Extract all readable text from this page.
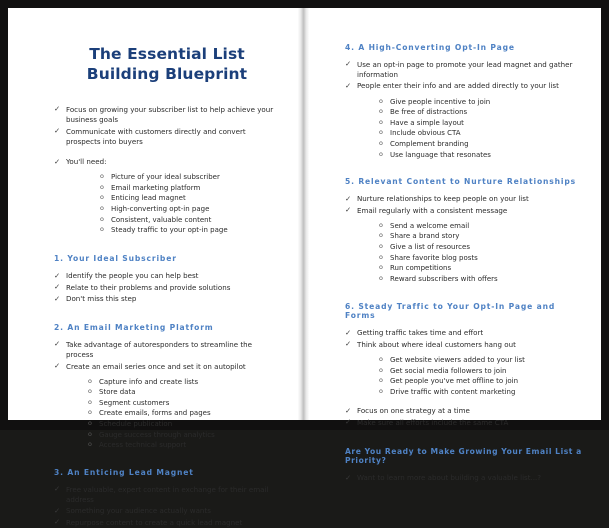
The Essential List Building Blueprint
✓ Focus on growing your subscriber list to help achieve your business goals
✓ Communicate with customers directly and convert prospects into buyers
✓ You'll need:
o Picture of your ideal subscriber
o Email marketing platform
o Enticing lead magnet
o High-converting opt-in page
o Consistent, valuable content
o Steady traffic to your opt-in page
1. Your Ideal Subscriber
✓ Identify the people you can help best
✓ Relate to their problems and provide solutions
✓ Don't miss this step
2. An Email Marketing Platform
✓ Take advantage of autoresponders to streamline the process
✓ Create an email series once and set it on autopilot
o Capture info and create lists
o Store data
o Segment customers
o Create emails, forms and pages
o Schedule publication
o Gauge success through analytics
o Access technical support
3. An Enticing Lead Magnet
✓ Free valuable, expert content in exchange for their email address
✓ Something your audience actually wants
✓ Repurpose content to create a quick lead magnet
4. A High-Converting Opt-In Page
✓ Use an opt-in page to promote your lead magnet and gather information
✓ People enter their info and are added directly to your list
o Give people incentive to join
o Be free of distractions
o Have a simple layout
o Include obvious CTA
o Complement branding
o Use language that resonates
5. Relevant Content to Nurture Relationships
✓ Nurture relationships to keep people on your list
✓ Email regularly with a consistent message
o Send a welcome email
o Share a brand story
o Give a list of resources
o Share favorite blog posts
o Run competitions
o Reward subscribers with offers
6. Steady Traffic to Your Opt-In Page and Forms
✓ Getting traffic takes time and effort
✓ Think about where ideal customers hang out
o Get website viewers added to your list
o Get social media followers to join
o Get people you've met offline to join
o Drive traffic with content marketing
✓ Focus on one strategy at a time
✓ Make sure all efforts include the same CTA
Are You Ready to Make Growing Your Email List a Priority?
✓ Want to learn more about building a valuable list...?
